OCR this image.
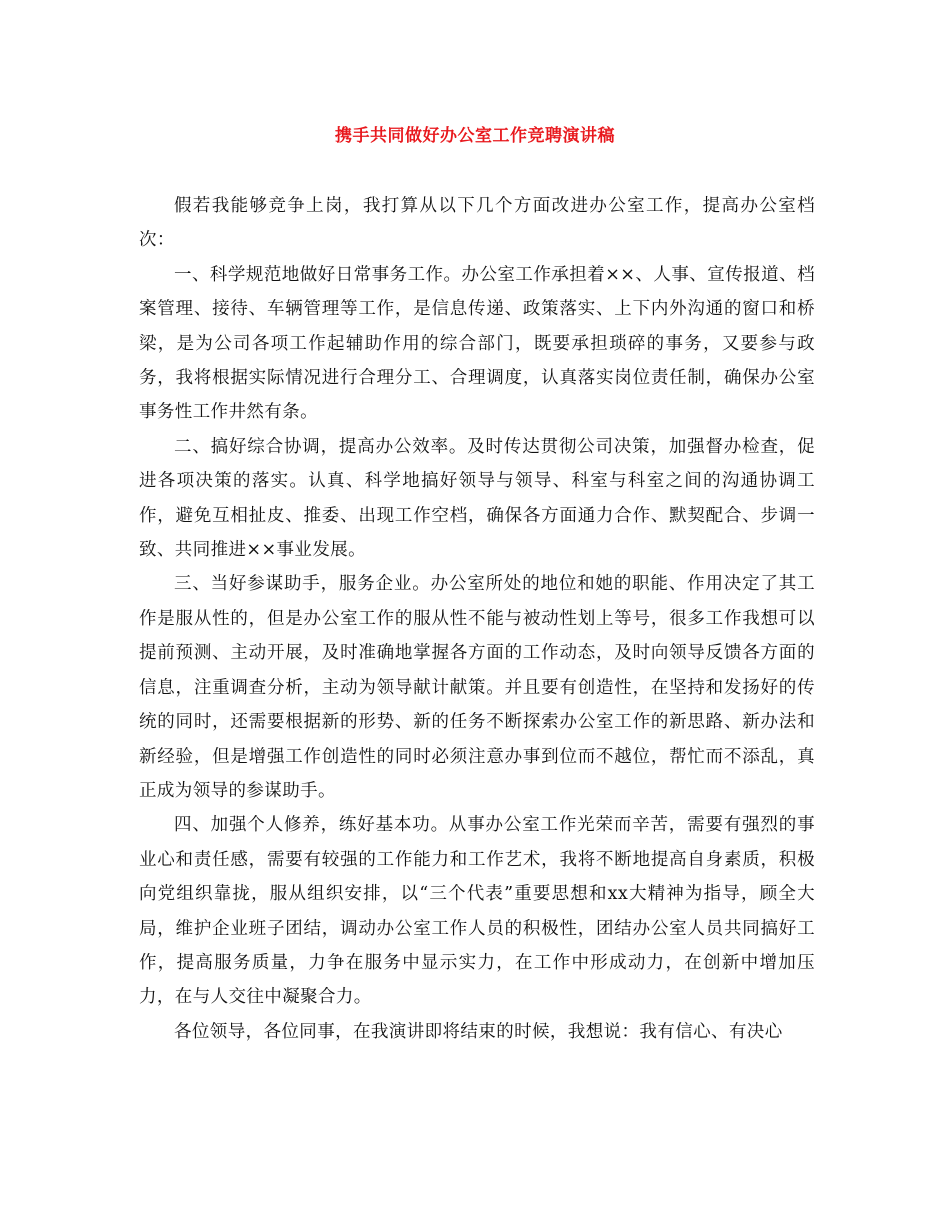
携手共同做好办公室工作竞聘演讲稿

假若我能够竞争上岗，我打算从以下几个方面改进办公室工作，提高办公室档次：

一、科学规范地做好日常事务工作。办公室工作承担着××、人事、宣传报道、档案管理、接待、车辆管理等工作，是信息传递、政策落实、上下内外沟通的窗口和桥梁，是为公司各项工作起辅助作用的综合部门，既要承担琐碎的事务，又要参与政务，我将根据实际情况进行合理分工、合理调度，认真落实岗位责任制，确保办公室事务性工作井然有条。

二、搞好综合协调，提高办公效率。及时传达贯彻公司决策，加强督办检查，促进各项决策的落实。认真、科学地搞好领导与领导、科室与科室之间的沟通协调工作，避免互相扯皮、推委、出现工作空档，确保各方面通力合作、默契配合、步调一致、共同推进××事业发展。

三、当好参谋助手，服务企业。办公室所处的地位和她的职能、作用决定了其工作是服从性的，但是办公室工作的服从性不能与被动性划上等号，很多工作我想可以提前预测、主动开展，及时准确地掌握各方面的工作动态，及时向领导反馈各方面的信息，注重调查分析，主动为领导献计献策。并且要有创造性，在坚持和发扬好的传统的同时，还需要根据新的形势、新的任务不断探索办公室工作的新思路、新办法和新经验，但是增强工作创造性的同时必须注意办事到位而不越位，帮忙而不添乱，真正成为领导的参谋助手。

四、加强个人修养，练好基本功。从事办公室工作光荣而辛苦，需要有强烈的事业心和责任感，需要有较强的工作能力和工作艺术，我将不断地提高自身素质，积极向党组织靠拢，服从组织安排，以“三个代表”重要思想和xx大精神为指导，顾全大局，维护企业班子团结，调动办公室工作人员的积极性，团结办公室人员共同搞好工作，提高服务质量，力争在服务中显示实力，在工作中形成动力，在创新中增加压力，在与人交往中凝聚合力。

各位领导，各位同事，在我演讲即将结束的时候，我想说：我有信心、有决心
